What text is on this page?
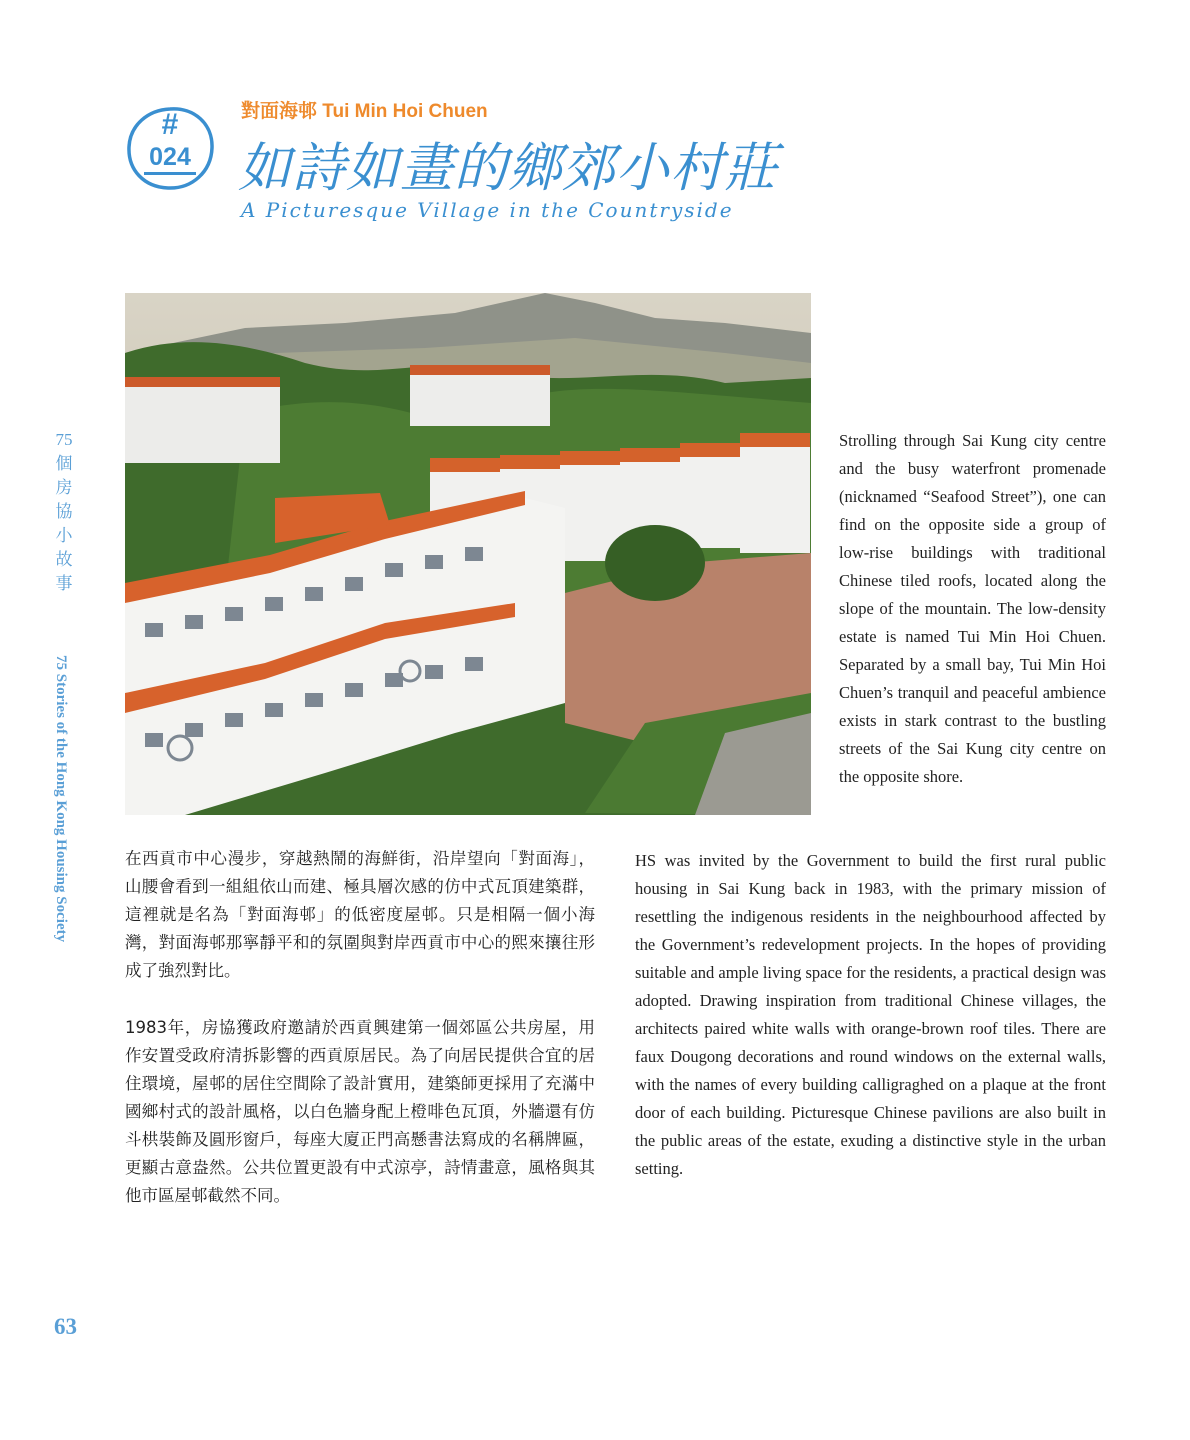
#
024
對面海邨 Tui Min Hoi Chuen
如詩如畫的鄉郊小村莊
A Picturesque Village in the Countryside
75
個
房
協
小
故
事
75 Stories of the Hong Kong Housing Society
Strolling through Sai Kung city centre and the busy waterfront promenade (nicknamed “Seafood Street”), one can find on the opposite side a group of low-rise buildings with traditional Chinese tiled roofs, located along the slope of the mountain. The low-density estate is named Tui Min Hoi Chuen. Separated by a small bay, Tui Min Hoi Chuen’s tranquil and peaceful ambience exists in stark contrast to the bustling streets of the Sai Kung city centre on the opposite shore.
在西貢市中心漫步，穿越熱鬧的海鮮街，沿岸望向「對面海」，山腰會看到一組組依山而建、極具層次感的仿中式瓦頂建築群，這裡就是名為「對面海邨」的低密度屋邨。只是相隔一個小海灣，對面海邨那寧靜平和的氛圍與對岸西貢市中心的熙來攘往形成了強烈對比。
1983年，房協獲政府邀請於西貢興建第一個郊區公共房屋，用作安置受政府清拆影響的西貢原居民。為了向居民提供合宜的居住環境，屋邨的居住空間除了設計實用，建築師更採用了充滿中國鄉村式的設計風格，以白色牆身配上橙啡色瓦頂，外牆還有仿斗栱裝飾及圓形窗戶，每座大廈正門高懸書法寫成的名稱牌匾，更顯古意盎然。公共位置更設有中式涼亭，詩情畫意，風格與其他市區屋邨截然不同。
HS was invited by the Government to build the first rural public housing in Sai Kung back in 1983, with the primary mission of resettling the indigenous residents in the neighbourhood affected by the Government’s redevelopment projects. In the hopes of providing suitable and ample living space for the residents, a practical design was adopted. Drawing inspiration from traditional Chinese villages, the architects paired white walls with orange-brown roof tiles. There are faux Dougong decorations and round windows on the external walls, with the names of every building calligraghed on a plaque at the front door of each building. Picturesque Chinese pavilions are also built in the public areas of the estate, exuding a distinctive style in the urban setting.
63
